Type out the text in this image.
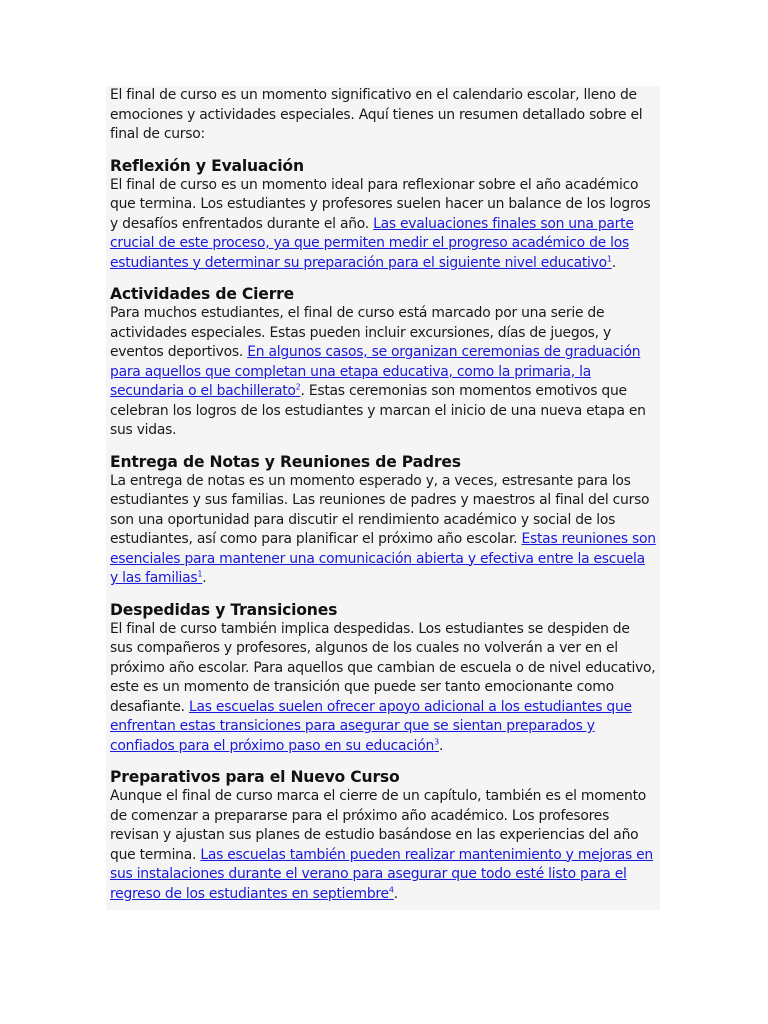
El final de curso es un momento significativo en el calendario escolar, lleno de emociones y actividades especiales. Aquí tienes un resumen detallado sobre el final de curso:

Reflexión y Evaluación

El final de curso es un momento ideal para reflexionar sobre el año académico que termina. Los estudiantes y profesores suelen hacer un balance de los logros y desafíos enfrentados durante el año. Las evaluaciones finales son una parte crucial de este proceso, ya que permiten medir el progreso académico de los estudiantes y determinar su preparación para el siguiente nivel educativo$^1$.

Actividades de Cierre

Para muchos estudiantes, el final de curso está marcado por una serie de actividades especiales. Estas pueden incluir excursiones, días de juegos, y eventos deportivos. En algunos casos, se organizan ceremonias de graduación para aquellos que completan una etapa educativa, como la primaria, la secundaria o el bachillerato$^2$. Estas ceremonias son momentos emotivos que celebran los logros de los estudiantes y marcan el inicio de una nueva etapa en sus vidas.

Entrega de Notas y Reuniones de Padres

La entrega de notas es un momento esperado y, a veces, estresante para los estudiantes y sus familias. Las reuniones de padres y maestros al final del curso son una oportunidad para discutir el rendimiento académico y social de los estudiantes, así como para planificar el próximo año escolar. Estas reuniones son esenciales para mantener una comunicación abierta y efectiva entre la escuela y las familias$^1$.

Despedidas y Transiciones

El final de curso también implica despedidas. Los estudiantes se despiden de sus compañeros y profesores, algunos de los cuales no volverán a ver en el próximo año escolar. Para aquellos que cambian de escuela o de nivel educativo, este es un momento de transición que puede ser tanto emocionante como desafiante. Las escuelas suelen ofrecer apoyo adicional a los estudiantes que enfrentan estas transiciones para asegurar que se sientan preparados y confiados para el próximo paso en su educación$^3$.

Preparativos para el Nuevo Curso

Aunque el final de curso marca el cierre de un capítulo, también es el momento de comenzar a prepararse para el próximo año académico. Los profesores revisan y ajustan sus planes de estudio basándose en las experiencias del año que termina. Las escuelas también pueden realizar mantenimiento y mejoras en sus instalaciones durante el verano para asegurar que todo esté listo para el regreso de los estudiantes en septiembre$^4$.
